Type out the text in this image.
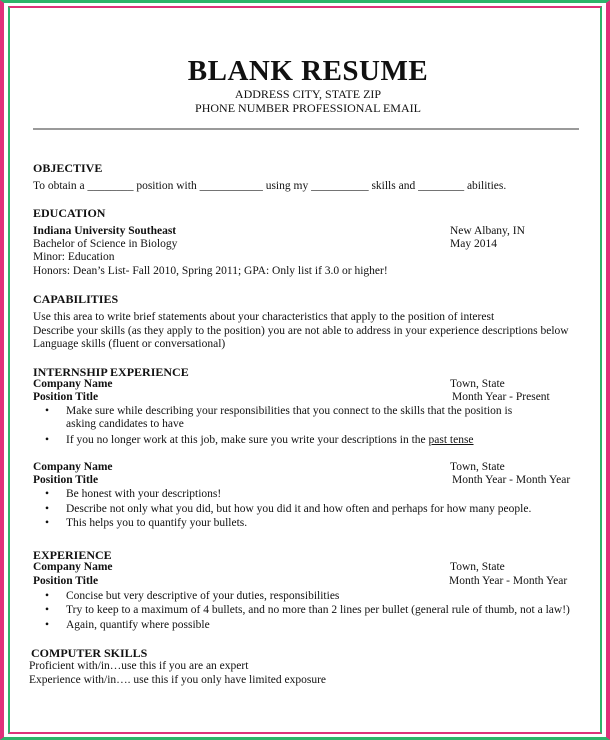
BLANK RESUME
ADDRESS CITY, STATE ZIP
PHONE NUMBER PROFESSIONAL EMAIL
OBJECTIVE
To obtain a ________ position with ___________ using my __________ skills and ________ abilities.
EDUCATION
Indiana University Southeast	New Albany, IN
Bachelor of Science in Biology	May 2014
Minor: Education
Honors: Dean’s List- Fall 2010, Spring 2011; GPA: Only list if 3.0 or higher!
CAPABILITIES
Use this area to write brief statements about your characteristics that apply to the position of interest
Describe your skills (as they apply to the position) you are not able to address in your experience descriptions below
Language skills (fluent or conversational)
INTERNSHIP EXPERIENCE
Company Name	Town, State
Position Title	Month Year - Present
• Make sure while describing your responsibilities that you connect to the skills that the position is
asking candidates to have
• If you no longer work at this job, make sure you write your descriptions in the past tense
Company Name	Town, State
Position Title	Month Year - Month Year
• Be honest with your descriptions!
• Describe not only what you did, but how you did it and how often and perhaps for how many people.
• This helps you to quantify your bullets.
EXPERIENCE
Company Name	Town, State
Position Title	Month Year - Month Year
• Concise but very descriptive of your duties, responsibilities
• Try to keep to a maximum of 4 bullets, and no more than 2 lines per bullet (general rule of thumb, not a law!)
• Again, quantify where possible
COMPUTER SKILLS
Proficient with/in…use this if you are an expert
Experience with/in…. use this if you only have limited exposure
